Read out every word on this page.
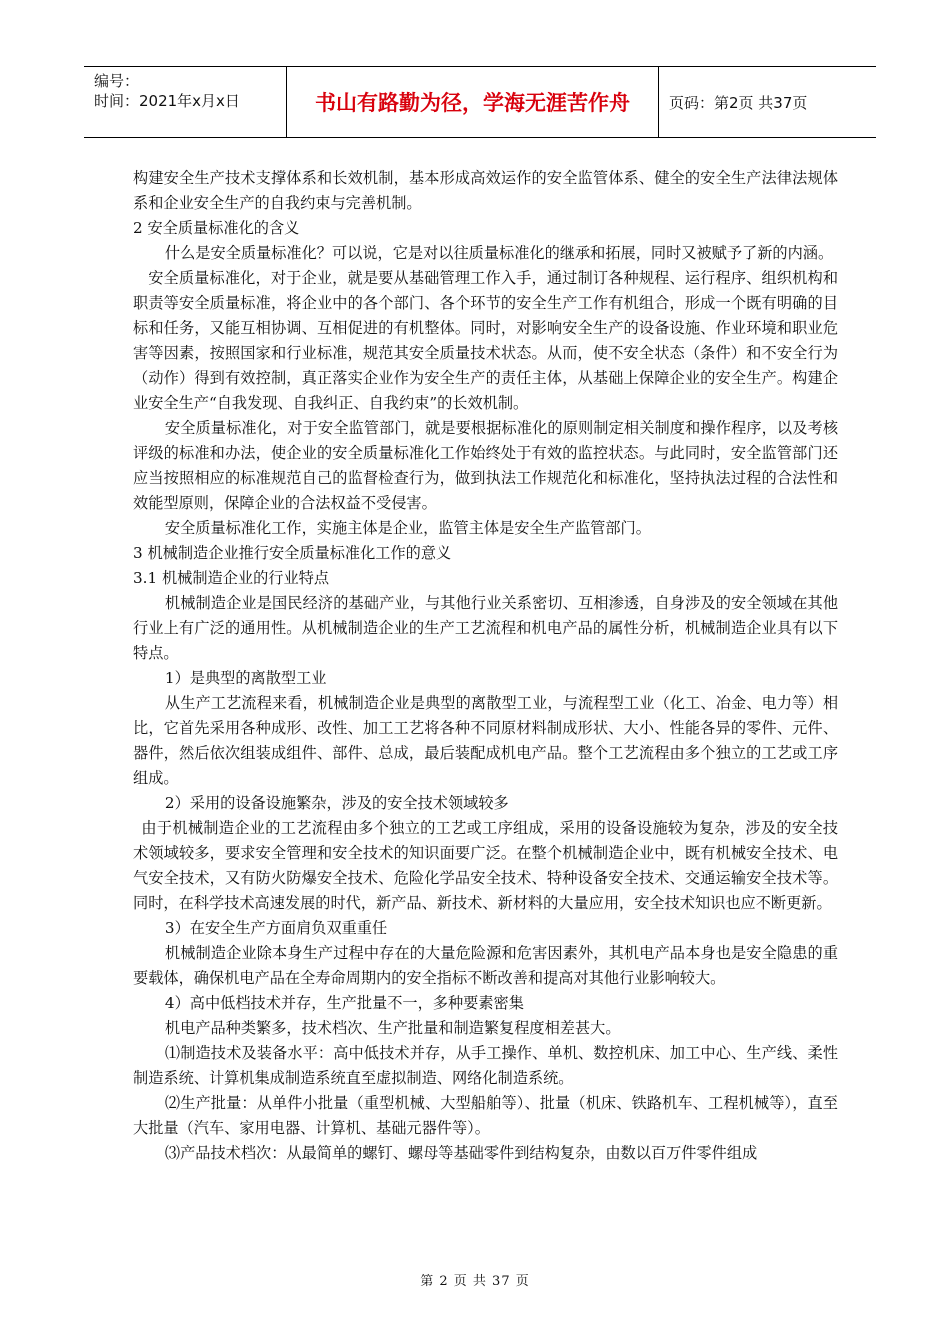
编号：
时间：2021年x月x日	书山有路勤为径，学海无涯苦作舟	页码：第2页 共37页

构建安全生产技术支撑体系和长效机制，基本形成高效运作的安全监管体系、健全的安全生产法律法规体系和企业安全生产的自我约束与完善机制。

2 安全质量标准化的含义

什么是安全质量标准化？可以说，它是对以往质量标准化的继承和拓展，同时又被赋予了新的内涵。

安全质量标准化，对于企业，就是要从基础管理工作入手，通过制订各种规程、运行程序、组织机构和职责等安全质量标准，将企业中的各个部门、各个环节的安全生产工作有机组合，形成一个既有明确的目标和任务，又能互相协调、互相促进的有机整体。同时，对影响安全生产的设备设施、作业环境和职业危害等因素，按照国家和行业标准，规范其安全质量技术状态。从而，使不安全状态（条件）和不安全行为（动作）得到有效控制，真正落实企业作为安全生产的责任主体，从基础上保障企业的安全生产。构建企业安全生产“自我发现、自我纠正、自我约束”的长效机制。

安全质量标准化，对于安全监管部门，就是要根据标准化的原则制定相关制度和操作程序，以及考核评级的标准和办法，使企业的安全质量标准化工作始终处于有效的监控状态。与此同时，安全监管部门还应当按照相应的标准规范自己的监督检查行为，做到执法工作规范化和标准化，坚持执法过程的合法性和效能型原则，保障企业的合法权益不受侵害。

安全质量标准化工作，实施主体是企业，监管主体是安全生产监管部门。

3 机械制造企业推行安全质量标准化工作的意义

3.1 机械制造企业的行业特点

机械制造企业是国民经济的基础产业，与其他行业关系密切、互相渗透，自身涉及的安全领域在其他行业上有广泛的通用性。从机械制造企业的生产工艺流程和机电产品的属性分析，机械制造企业具有以下特点。

1）是典型的离散型工业

从生产工艺流程来看，机械制造企业是典型的离散型工业，与流程型工业（化工、冶金、电力等）相比，它首先采用各种成形、改性、加工工艺将各种不同原材料制成形状、大小、性能各异的零件、元件、器件，然后依次组装成组件、部件、总成，最后装配成机电产品。整个工艺流程由多个独立的工艺或工序组成。

2）采用的设备设施繁杂，涉及的安全技术领域较多

由于机械制造企业的工艺流程由多个独立的工艺或工序组成，采用的设备设施较为复杂，涉及的安全技术领域较多，要求安全管理和安全技术的知识面要广泛。在整个机械制造企业中，既有机械安全技术、电气安全技术，又有防火防爆安全技术、危险化学品安全技术、特种设备安全技术、交通运输安全技术等。同时，在科学技术高速发展的时代，新产品、新技术、新材料的大量应用，安全技术知识也应不断更新。

3）在安全生产方面肩负双重重任

机械制造企业除本身生产过程中存在的大量危险源和危害因素外，其机电产品本身也是安全隐患的重要载体，确保机电产品在全寿命周期内的安全指标不断改善和提高对其他行业影响较大。

4）高中低档技术并存，生产批量不一，多种要素密集

机电产品种类繁多，技术档次、生产批量和制造繁复程度相差甚大。

⑴制造技术及装备水平：高中低技术并存，从手工操作、单机、数控机床、加工中心、生产线、柔性制造系统、计算机集成制造系统直至虚拟制造、网络化制造系统。

⑵生产批量：从单件小批量（重型机械、大型船舶等）、批量（机床、铁路机车、工程机械等），直至大批量（汽车、家用电器、计算机、基础元器件等）。

⑶产品技术档次：从最简单的螺钉、螺母等基础零件到结构复杂，由数以百万件零件组成

第 2 页 共 37 页
